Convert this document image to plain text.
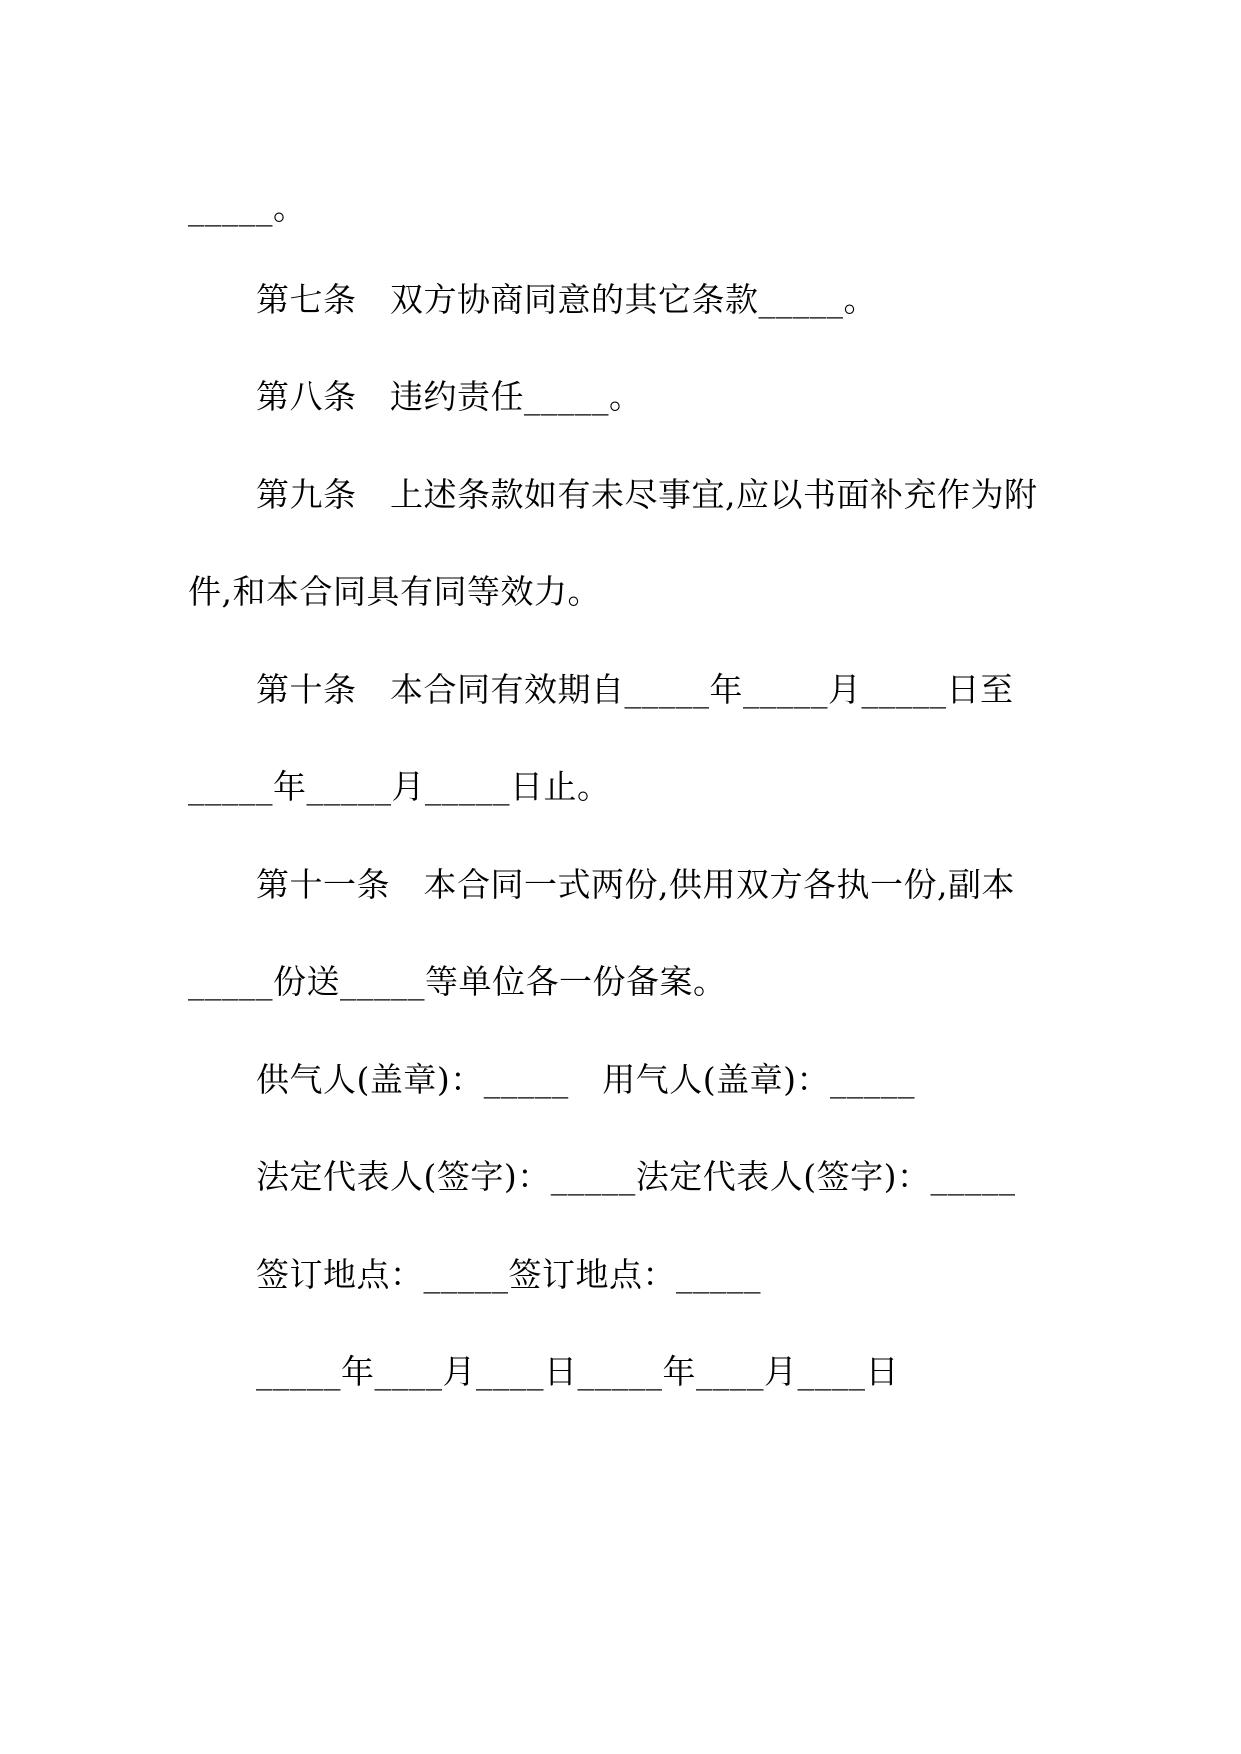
_____。
第七条　双方协商同意的其它条款_____。
第八条　违约责任_____。
第九条　上述条款如有未尽事宜,应以书面补充作为附
件,和本合同具有同等效力。
第十条　本合同有效期自_____年_____月_____日至
_____年_____月_____日止。
第十一条　本合同一式两份,供用双方各执一份,副本
_____份送_____等单位各一份备案。
供气人(盖章)：_____　用气人(盖章)：_____
法定代表人(签字)：_____法定代表人(签字)：_____
签订地点：_____签订地点：_____
_____年____月____日_____年____月____日
